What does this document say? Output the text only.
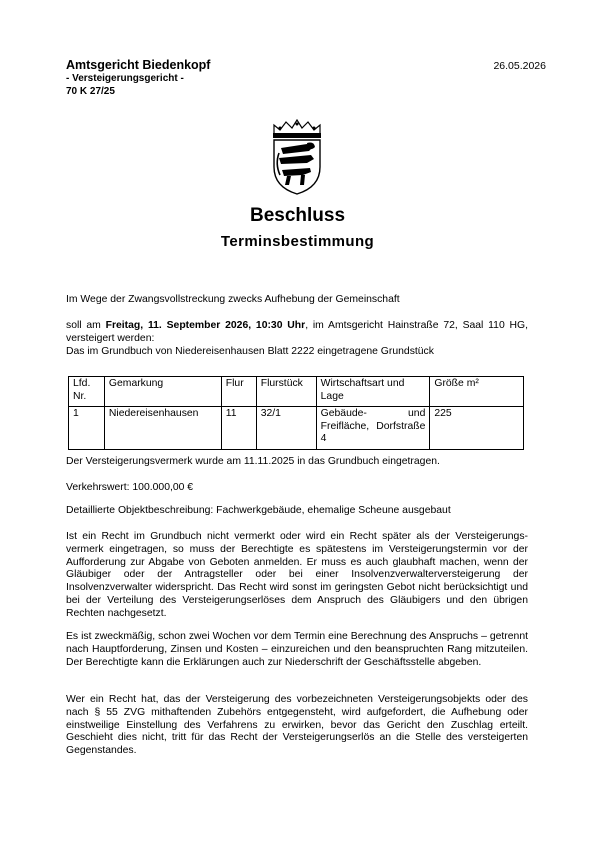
Amtsgericht Biedenkopf
- Versteigerungsgericht -
70 K 27/25
26.05.2026
Beschluss
Terminsbestimmung
Im Wege der Zwangsvollstreckung zwecks Aufhebung der Gemeinschaft
soll am Freitag, 11. September 2026, 10:30 Uhr, im Amtsgericht Hainstraße 72, Saal 110 HG, versteigert werden:
Das im Grundbuch von Niedereisenhausen Blatt 2222 eingetragene Grundstück
Lfd. Nr.	Gemarkung	Flur	Flurstück	Wirtschaftsart und Lage	Größe m²
1	Niedereisenhausen	11	32/1	Gebäude- und Freifläche, Dorfstraße 4	225
Der Versteigerungsvermerk wurde am 11.11.2025 in das Grundbuch eingetragen.
Verkehrswert: 100.000,00 €
Detaillierte Objektbeschreibung: Fachwerkgebäude, ehemalige Scheune ausgebaut
Ist ein Recht im Grundbuch nicht vermerkt oder wird ein Recht später als der Versteigerungs-vermerk eingetragen, so muss der Berechtigte es spätestens im Versteigerungstermin vor der Aufforderung zur Abgabe von Geboten anmelden. Er muss es auch glaubhaft machen, wenn der Gläubiger oder der Antragsteller oder bei einer Insolvenzverwalterversteigerung der Insolvenzverwalter widerspricht. Das Recht wird sonst im geringsten Gebot nicht berücksichtigt und bei der Verteilung des Versteigerungserlöses dem Anspruch des Gläubigers und den übrigen Rechten nachgesetzt.
Es ist zweckmäßig, schon zwei Wochen vor dem Termin eine Berechnung des Anspruchs – getrennt nach Hauptforderung, Zinsen und Kosten – einzureichen und den beanspruchten Rang mitzuteilen. Der Berechtigte kann die Erklärungen auch zur Niederschrift der Geschäftsstelle abgeben.
Wer ein Recht hat, das der Versteigerung des vorbezeichneten Versteigerungsobjekts oder des nach § 55 ZVG mithaftenden Zubehörs entgegensteht, wird aufgefordert, die Aufhebung oder einstweilige Einstellung des Verfahrens zu erwirken, bevor das Gericht den Zuschlag erteilt. Geschieht dies nicht, tritt für das Recht der Versteigerungserlös an die Stelle des versteigerten Gegenstandes.
